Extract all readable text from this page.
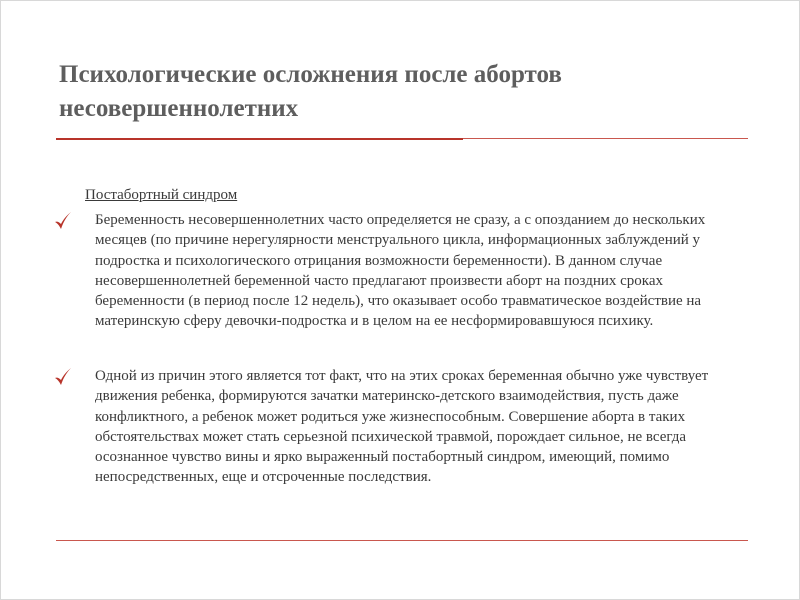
Психологические осложнения после абортов несовершеннолетних

Постабортный синдром

Беременность несовершеннолетних часто определяется не сразу, а с опозданием до нескольких месяцев (по причине нерегулярности менструального цикла, информационных заблуждений у подростка и психологического отрицания возможности беременности). В данном случае несовершеннолетней беременной часто предлагают произвести аборт на поздних сроках беременности (в период после 12 недель), что оказывает особо травматическое воздействие на материнскую сферу девочки-подростка и в целом на ее несформировавшуюся психику.

Одной из причин этого является тот факт, что на этих сроках беременная обычно уже чувствует движения ребенка, формируются зачатки материнско-детского взаимодействия, пусть даже конфликтного, а ребенок может родиться уже жизнеспособным. Совершение аборта в таких обстоятельствах может стать серьезной психической травмой, порождает сильное, не всегда осознанное чувство вины и ярко выраженный постабортный синдром, имеющий, помимо непосредственных, еще и отсроченные последствия.
